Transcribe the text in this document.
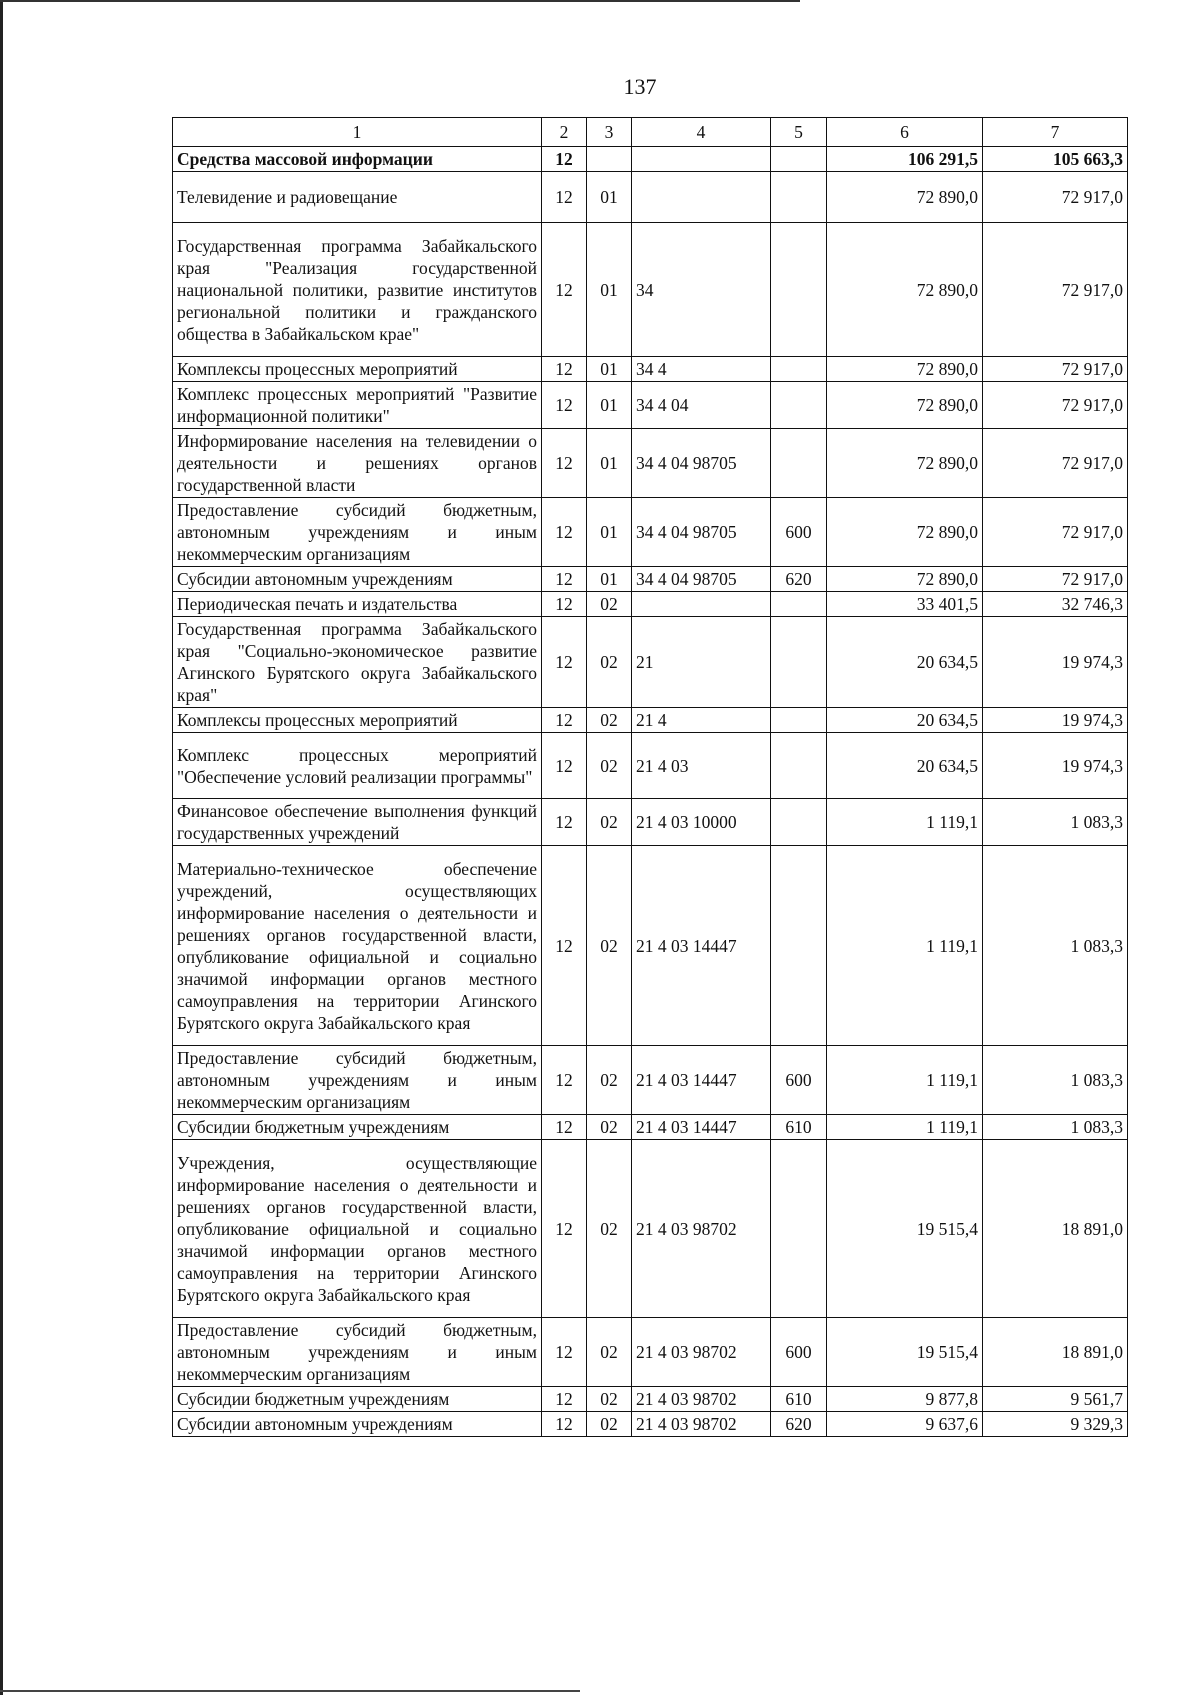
137
1	2	3	4	5	6	7
Средства массовой информации	12				106 291,5	105 663,3
Телевидение и радиовещание	12	01			72 890,0	72 917,0
Государственная программа Забайкальского края "Реализация государственной национальной политики, развитие институтов региональной политики и гражданского общества в Забайкальском крае"	12	01	34		72 890,0	72 917,0
Комплексы процессных мероприятий	12	01	34 4		72 890,0	72 917,0
Комплекс процессных мероприятий "Развитие информационной политики"	12	01	34 4 04		72 890,0	72 917,0
Информирование населения на телевидении о деятельности и решениях органов государственной власти	12	01	34 4 04 98705		72 890,0	72 917,0
Предоставление субсидий бюджетным, автономным учреждениям и иным некоммерческим организациям	12	01	34 4 04 98705	600	72 890,0	72 917,0
Субсидии автономным учреждениям	12	01	34 4 04 98705	620	72 890,0	72 917,0
Периодическая печать и издательства	12	02			33 401,5	32 746,3
Государственная программа Забайкальского края "Социально-экономическое развитие Агинского Бурятского округа Забайкальского края"	12	02	21		20 634,5	19 974,3
Комплексы процессных мероприятий	12	02	21 4		20 634,5	19 974,3
Комплекс процессных мероприятий "Обеспечение условий реализации программы"	12	02	21 4 03		20 634,5	19 974,3
Финансовое обеспечение выполнения функций государственных учреждений	12	02	21 4 03 10000		1 119,1	1 083,3
Материально-техническое обеспечение учреждений, осуществляющих информирование населения о деятельности и решениях органов государственной власти, опубликование официальной и социально значимой информации органов местного самоуправления на территории Агинского Бурятского округа Забайкальского края	12	02	21 4 03 14447		1 119,1	1 083,3
Предоставление субсидий бюджетным, автономным учреждениям и иным некоммерческим организациям	12	02	21 4 03 14447	600	1 119,1	1 083,3
Субсидии бюджетным учреждениям	12	02	21 4 03 14447	610	1 119,1	1 083,3
Учреждения, осуществляющие информирование населения о деятельности и решениях органов государственной власти, опубликование официальной и социально значимой информации органов местного самоуправления на территории Агинского Бурятского округа Забайкальского края	12	02	21 4 03 98702		19 515,4	18 891,0
Предоставление субсидий бюджетным, автономным учреждениям и иным некоммерческим организациям	12	02	21 4 03 98702	600	19 515,4	18 891,0
Субсидии бюджетным учреждениям	12	02	21 4 03 98702	610	9 877,8	9 561,7
Субсидии автономным учреждениям	12	02	21 4 03 98702	620	9 637,6	9 329,3
